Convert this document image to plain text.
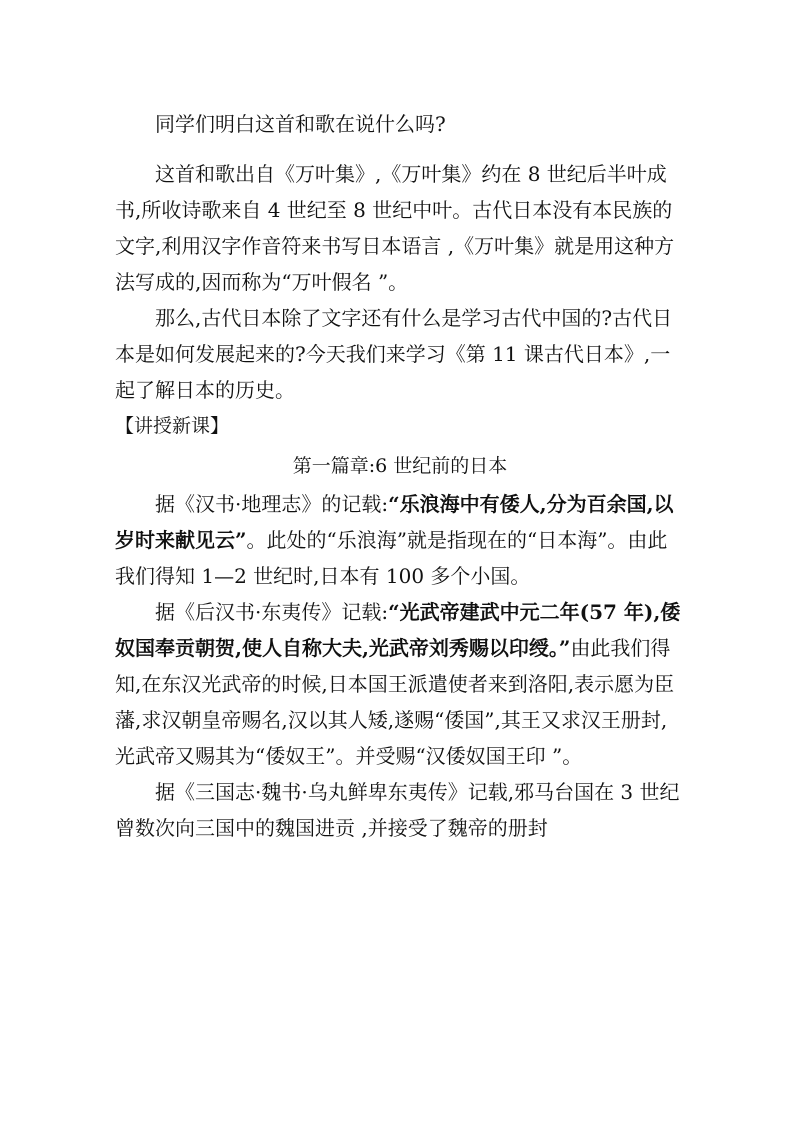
同学们明白这首和歌在说什么吗?

这首和歌出自《万叶集》,《万叶集》约在 8 世纪后半叶成书,所收诗歌来自 4 世纪至 8 世纪中叶。古代日本没有本民族的文字,利用汉字作音符来书写日本语言 ,《万叶集》就是用这种方法写成的,因而称为“万叶假名 ”。

那么,古代日本除了文字还有什么是学习古代中国的?古代日本是如何发展起来的?今天我们来学习《第 11 课古代日本》,一起了解日本的历史。

【讲授新课】

第一篇章:6 世纪前的日本

据《汉书·地理志》的记载:“乐浪海中有倭人,分为百余国,以岁时来献见云”。此处的“乐浪海”就是指现在的“日本海”。由此我们得知 1—2 世纪时,日本有 100 多个小国。

据《后汉书·东夷传》记载:“光武帝建武中元二年(57 年),倭奴国奉贡朝贺,使人自称大夫,光武帝刘秀赐以印绶。”由此我们得知,在东汉光武帝的时候,日本国王派遣使者来到洛阳,表示愿为臣藩,求汉朝皇帝赐名,汉以其人矮,遂赐“倭国”,其王又求汉王册封,光武帝又赐其为“倭奴王”。并受赐“汉倭奴国王印 ”。

据《三国志·魏书·乌丸鲜卑东夷传》记载,邪马台国在 3 世纪曾数次向三国中的魏国进贡 ,并接受了魏帝的册封
